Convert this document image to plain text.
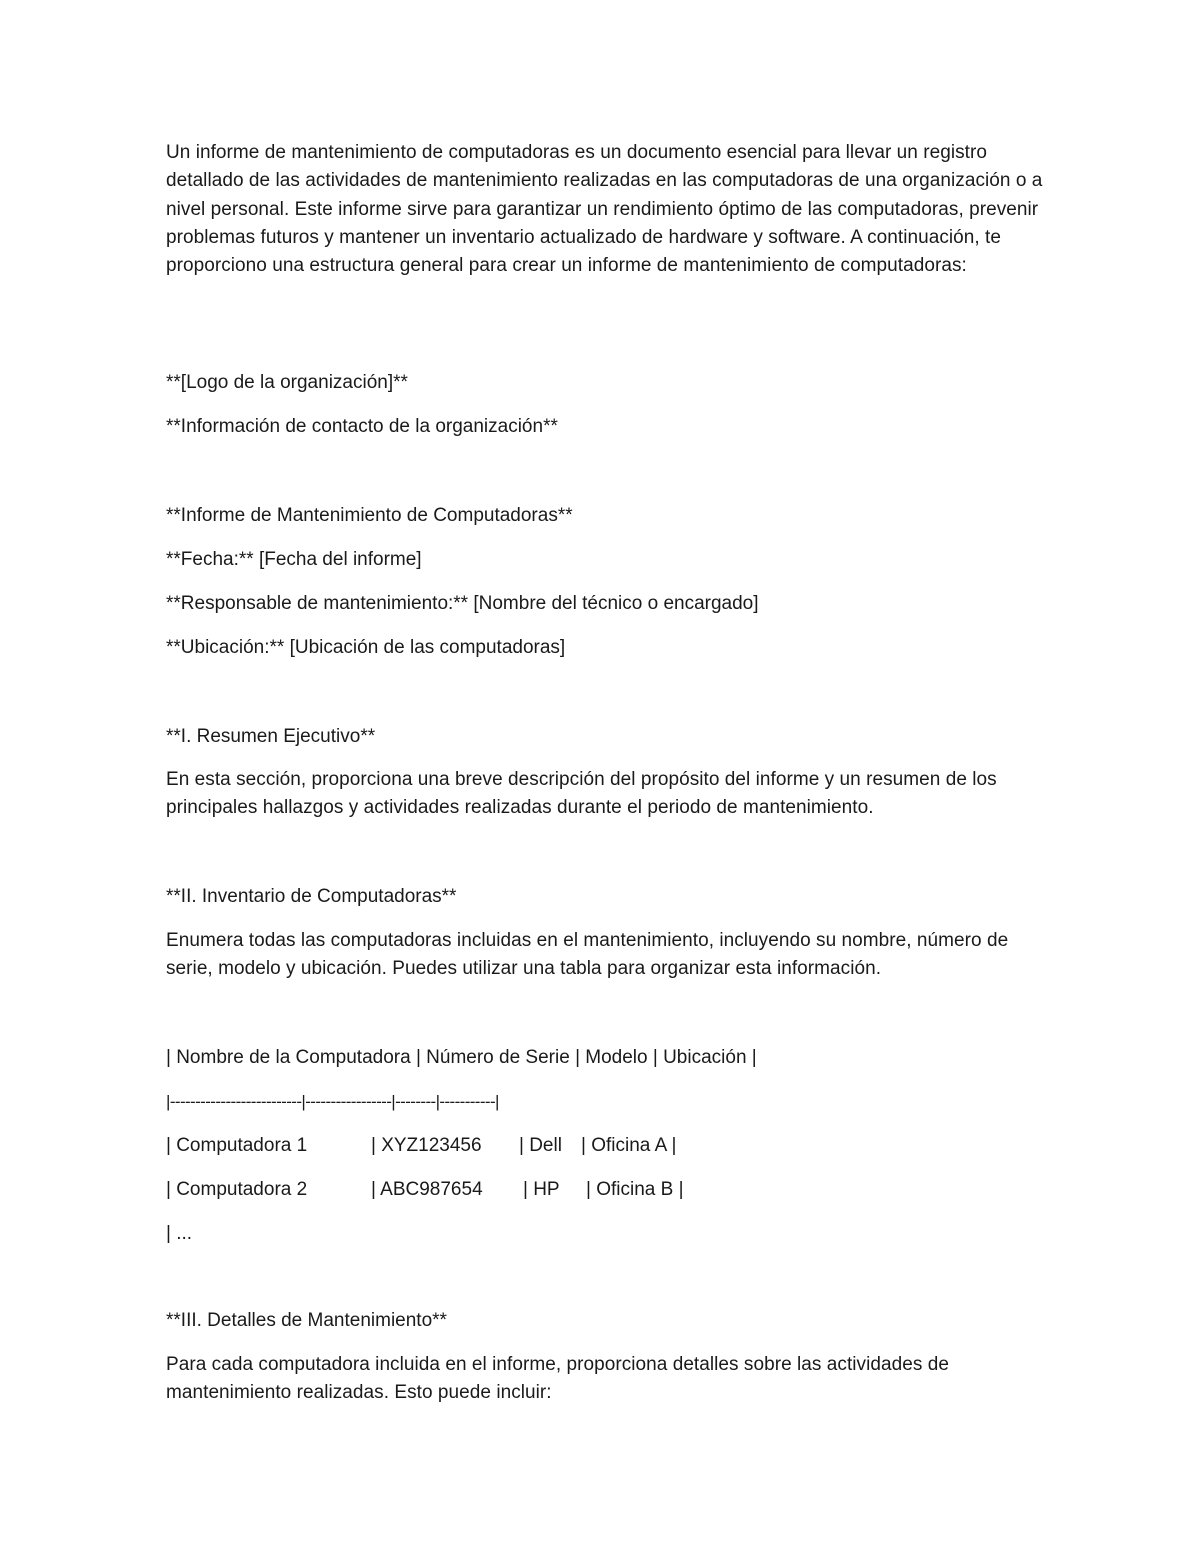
Un informe de mantenimiento de computadoras es un documento esencial para llevar un registro detallado de las actividades de mantenimiento realizadas en las computadoras de una organización o a nivel personal. Este informe sirve para garantizar un rendimiento óptimo de las computadoras, prevenir problemas futuros y mantener un inventario actualizado de hardware y software. A continuación, te proporciono una estructura general para crear un informe de mantenimiento de computadoras:

**[Logo de la organización]**
**Información de contacto de la organización**
**Informe de Mantenimiento de Computadoras**
**Fecha:** [Fecha del informe]
**Responsable de mantenimiento:** [Nombre del técnico o encargado]
**Ubicación:** [Ubicación de las computadoras]
**I. Resumen Ejecutivo**

En esta sección, proporciona una breve descripción del propósito del informe y un resumen de los principales hallazgos y actividades realizadas durante el periodo de mantenimiento.

**II. Inventario de Computadoras**

Enumera todas las computadoras incluidas en el mantenimiento, incluyendo su nombre, número de serie, modelo y ubicación. Puedes utilizar una tabla para organizar esta información.

| Nombre de la Computadora | Número de Serie | Modelo | Ubicación |
|--------------------------|-----------------|--------|-----------|

| Computadora 1

	| XYZ123456

| Dell

| Oficina A |

| Computadora 2

	| ABC987654

| HP

| Oficina B |

| ...
**III. Detalles de Mantenimiento**

Para cada computadora incluida en el informe, proporciona detalles sobre las actividades de mantenimiento realizadas. Esto puede incluir:
